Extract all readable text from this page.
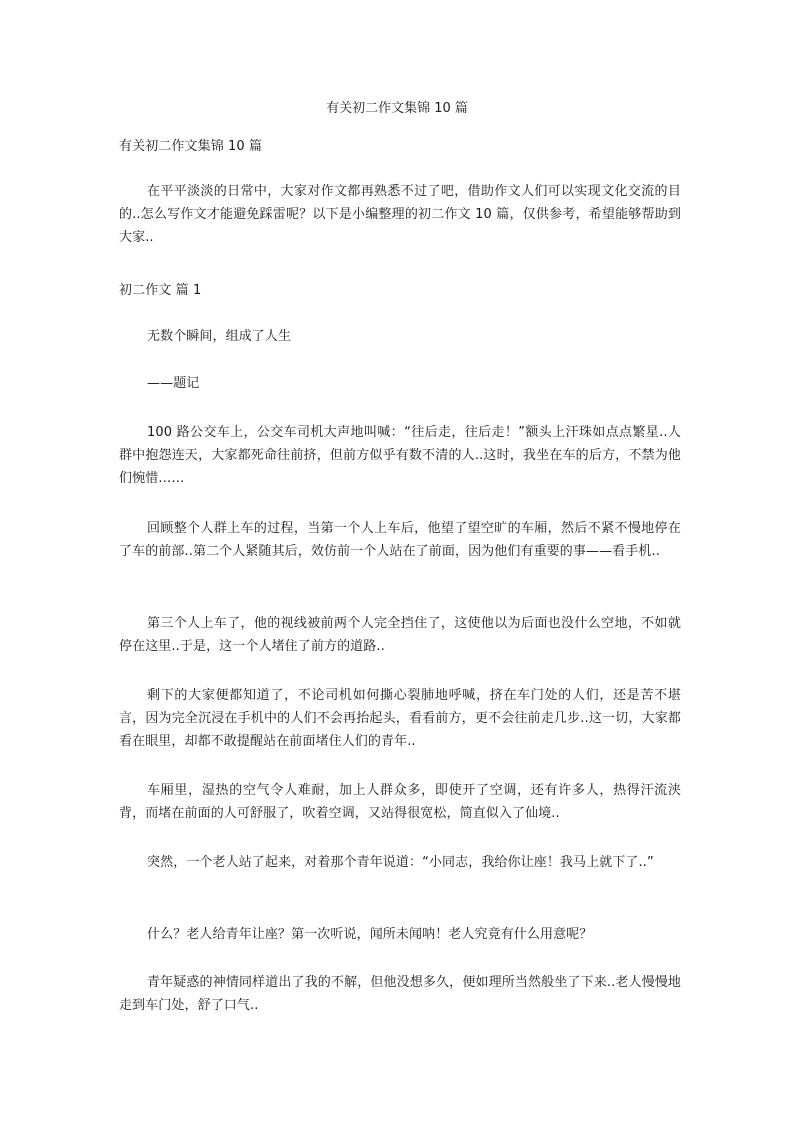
有关初二作文集锦 10 篇

有关初二作文集锦 10 篇

在平平淡淡的日常中，大家对作文都再熟悉不过了吧，借助作文人们可以实现文化交流的目的..怎么写作文才能避免踩雷呢？以下是小编整理的初二作文 10 篇，仅供参考，希望能够帮助到大家..

初二作文 篇 1

无数个瞬间，组成了人生

——题记

100 路公交车上，公交车司机大声地叫喊：“往后走，往后走！”额头上汗珠如点点繁星..人群中抱怨连天，大家都死命往前挤，但前方似乎有数不清的人..这时，我坐在车的后方，不禁为他们惋惜……

回顾整个人群上车的过程，当第一个人上车后，他望了望空旷的车厢，然后不紧不慢地停在了车的前部..第二个人紧随其后，效仿前一个人站在了前面，因为他们有重要的事——看手机..

第三个人上车了，他的视线被前两个人完全挡住了，这使他以为后面也没什么空地，不如就停在这里..于是，这一个人堵住了前方的道路..

剩下的大家便都知道了，不论司机如何撕心裂肺地呼喊，挤在车门处的人们，还是苦不堪言，因为完全沉浸在手机中的人们不会再抬起头，看看前方，更不会往前走几步..这一切，大家都看在眼里，却都不敢提醒站在前面堵住人们的青年..

车厢里，湿热的空气令人难耐，加上人群众多，即使开了空调，还有许多人，热得汗流浃背，而堵在前面的人可舒服了，吹着空调，又站得很宽松，简直似入了仙境..

突然，一个老人站了起来，对着那个青年说道：“小同志，我给你让座！我马上就下了..”

什么？老人给青年让座？第一次听说，闻所未闻呐！老人究竟有什么用意呢？

青年疑惑的神情同样道出了我的不解，但他没想多久，便如理所当然般坐了下来..老人慢慢地走到车门处，舒了口气..
